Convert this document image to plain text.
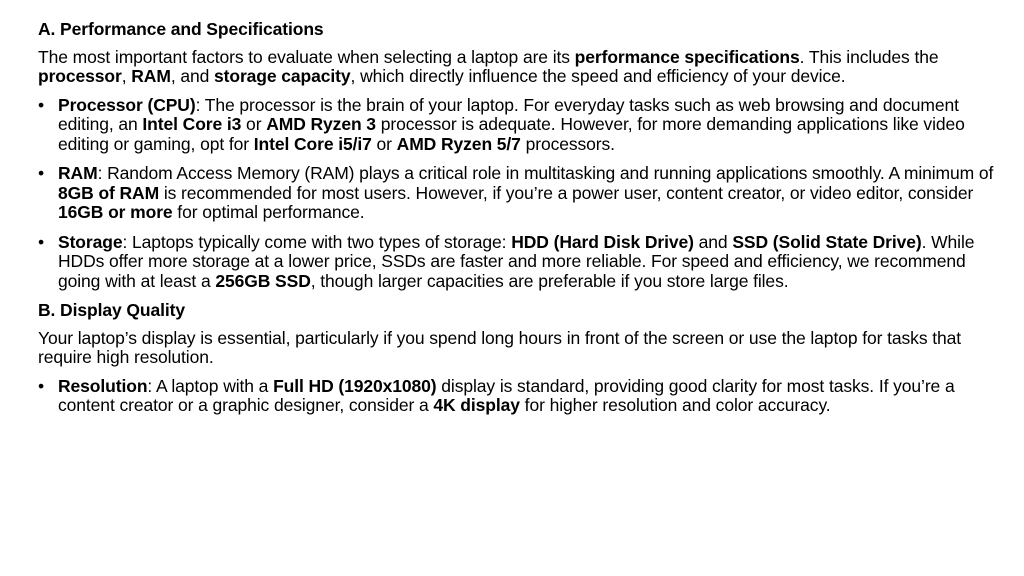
A. Performance and Specifications

The most important factors to evaluate when selecting a laptop are its performance specifications. This includes the processor, RAM, and storage capacity, which directly influence the speed and efficiency of your device.

• Processor (CPU): The processor is the brain of your laptop. For everyday tasks such as web browsing and document editing, an Intel Core i3 or AMD Ryzen 3 processor is adequate. However, for more demanding applications like video editing or gaming, opt for Intel Core i5/i7 or AMD Ryzen 5/7 processors.
• RAM: Random Access Memory (RAM) plays a critical role in multitasking and running applications smoothly. A minimum of 8GB of RAM is recommended for most users. However, if you’re a power user, content creator, or video editor, consider 16GB or more for optimal performance.
• Storage: Laptops typically come with two types of storage: HDD (Hard Disk Drive) and SSD (Solid State Drive). While HDDs offer more storage at a lower price, SSDs are faster and more reliable. For speed and efficiency, we recommend going with at least a 256GB SSD, though larger capacities are preferable if you store large files.
B. Display Quality

Your laptop’s display is essential, particularly if you spend long hours in front of the screen or use the laptop for tasks that require high resolution.

• Resolution: A laptop with a Full HD (1920x1080) display is standard, providing good clarity for most tasks. If you’re a content creator or a graphic designer, consider a 4K display for higher resolution and color accuracy.
